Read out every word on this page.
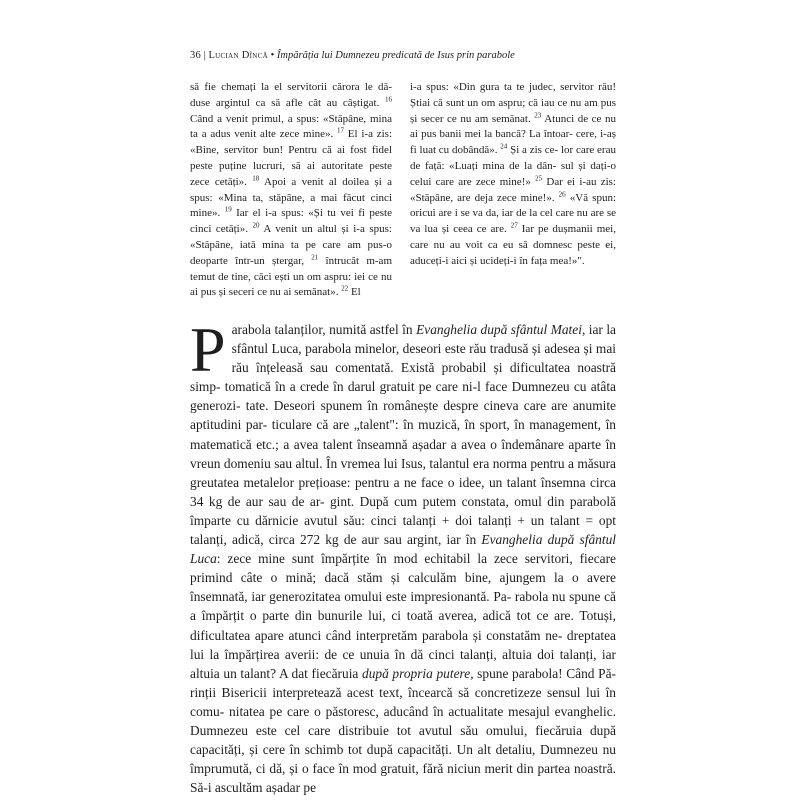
36 | Lucian Dîncă • Împărăția lui Dumnezeu predicată de Isus prin parabole
să fie chemați la el servitorii cărora le dă- duse argintul ca să afle cât au câștigat. $^{16}$ Când a venit primul, a spus: «Stăpâne, mina ta a adus venit alte zece mine». $^{17}$ El i-a zis: «Bine, servitor bun! Pentru că ai fost fidel peste puține lucruri, să ai autoritate peste zece cetăți». $^{18}$ Apoi a venit al doilea și a spus: «Mina ta, stăpâne, a mai făcut cinci mine». $^{19}$ Iar el i-a spus: «Și tu vei fi peste cinci cetăți». $^{20}$ A venit un altul și i-a spus: «Stăpâne, iată mina ta pe care am pus-o deoparte într-un ștergar, $^{21}$ întrucât m-am temut de tine, căci ești un om aspru: iei ce nu ai pus și seceri ce nu ai semănat». $^{22}$ El
i-a spus: «Din gura ta te judec, servitor rău! Știai că sunt un om aspru; că iau ce nu am pus și secer ce nu am semănat. $^{23}$ Atunci de ce nu ai pus banii mei la bancă? La întoar- cere, i-aș fi luat cu dobândă». $^{24}$ Și a zis ce- lor care erau de față: «Luați mina de la dân- sul și dați-o celui care are zece mine!» $^{25}$ Dar ei i-au zis: «Stăpâne, are deja zece mine!». $^{26}$ «Vă spun: oricui are i se va da, iar de la cel care nu are se va lua și ceea ce are. $^{27}$ Iar pe dușmanii mei, care nu au voit ca eu să domnesc peste ei, aduceți-i aici și ucideți-i în fața mea!»".
P arabola talanților, numită astfel în Evanghelia după sfântul Matei, iar la sfântul Luca, parabola minelor, deseori este rău tradusă și adesea și mai rău înțeleasă sau comentată. Există probabil și dificultatea noastră simp- tomatică în a crede în darul gratuit pe care ni-l face Dumnezeu cu atâta generozi- tate. Deseori spunem în românește despre cineva care are anumite aptitudini par- ticulare că are „talent": în muzică, în sport, în management, în matematică etc.; a avea talent înseamnă așadar a avea o îndemânare aparte în vreun domeniu sau altul. În vremea lui Isus, talantul era norma pentru a măsura greutatea metalelor prețioase: pentru a ne face o idee, un talant însemna circa 34 kg de aur sau de ar- gint. După cum putem constata, omul din parabolă împarte cu dărnicie avutul său: cinci talanți + doi talanți + un talant = opt talanți, adică, circa 272 kg de aur sau argint, iar în Evanghelia după sfântul Luca: zece mine sunt împărțite în mod echitabil la zece servitori, fiecare primind câte o mină; dacă stăm și calculăm bine, ajungem la o avere însemnată, iar generozitatea omului este impresionantă. Pa- rabola nu spune că a împărțit o parte din bunurile lui, ci toată averea, adică tot ce are. Totuși, dificultatea apare atunci când interpretăm parabola și constatăm ne- dreptatea lui la împărțirea averii: de ce unuia în dă cinci talanți, altuia doi talanți, iar altuia un talant? A dat fiecăruia după propria putere, spune parabola! Când Pă- rinții Bisericii interpretează acest text, încearcă să concretizeze sensul lui în comu- nitatea pe care o păstoresc, aducând în actualitate mesajul evanghelic. Dumnezeu este cel care distribuie tot avutul său omului, fiecăruia după capacități, și cere în schimb tot după capacități. Un alt detaliu, Dumnezeu nu împrumută, ci dă, și o face în mod gratuit, fără niciun merit din partea noastră. Să-i ascultăm așadar pe
